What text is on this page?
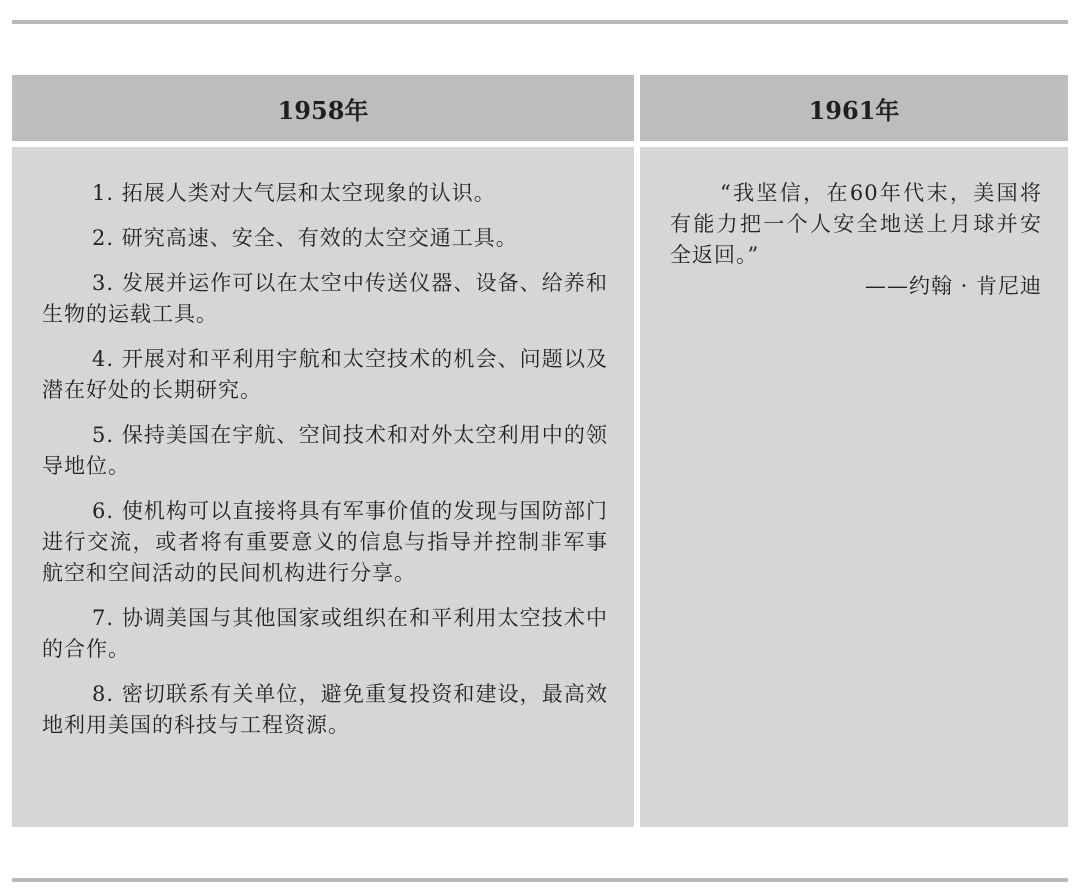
1958年	1961年

1. 拓展人类对大气层和太空现象的认识。

2. 研究高速、安全、有效的太空交通工具。

3. 发展并运作可以在太空中传送仪器、设备、给养和生物的运载工具。

4. 开展对和平利用宇航和太空技术的机会、问题以及潜在好处的长期研究。

5. 保持美国在宇航、空间技术和对外太空利用中的领导地位。

6. 使机构可以直接将具有军事价值的发现与国防部门进行交流，或者将有重要意义的信息与指导并控制非军事航空和空间活动的民间机构进行分享。

7. 协调美国与其他国家或组织在和平利用太空技术中的合作。

8. 密切联系有关单位，避免重复投资和建设，最高效地利用美国的科技与工程资源。

“我坚信，在60年代末，美国将有能力把一个人安全地送上月球并安全返回。”

——约翰 · 肯尼迪
